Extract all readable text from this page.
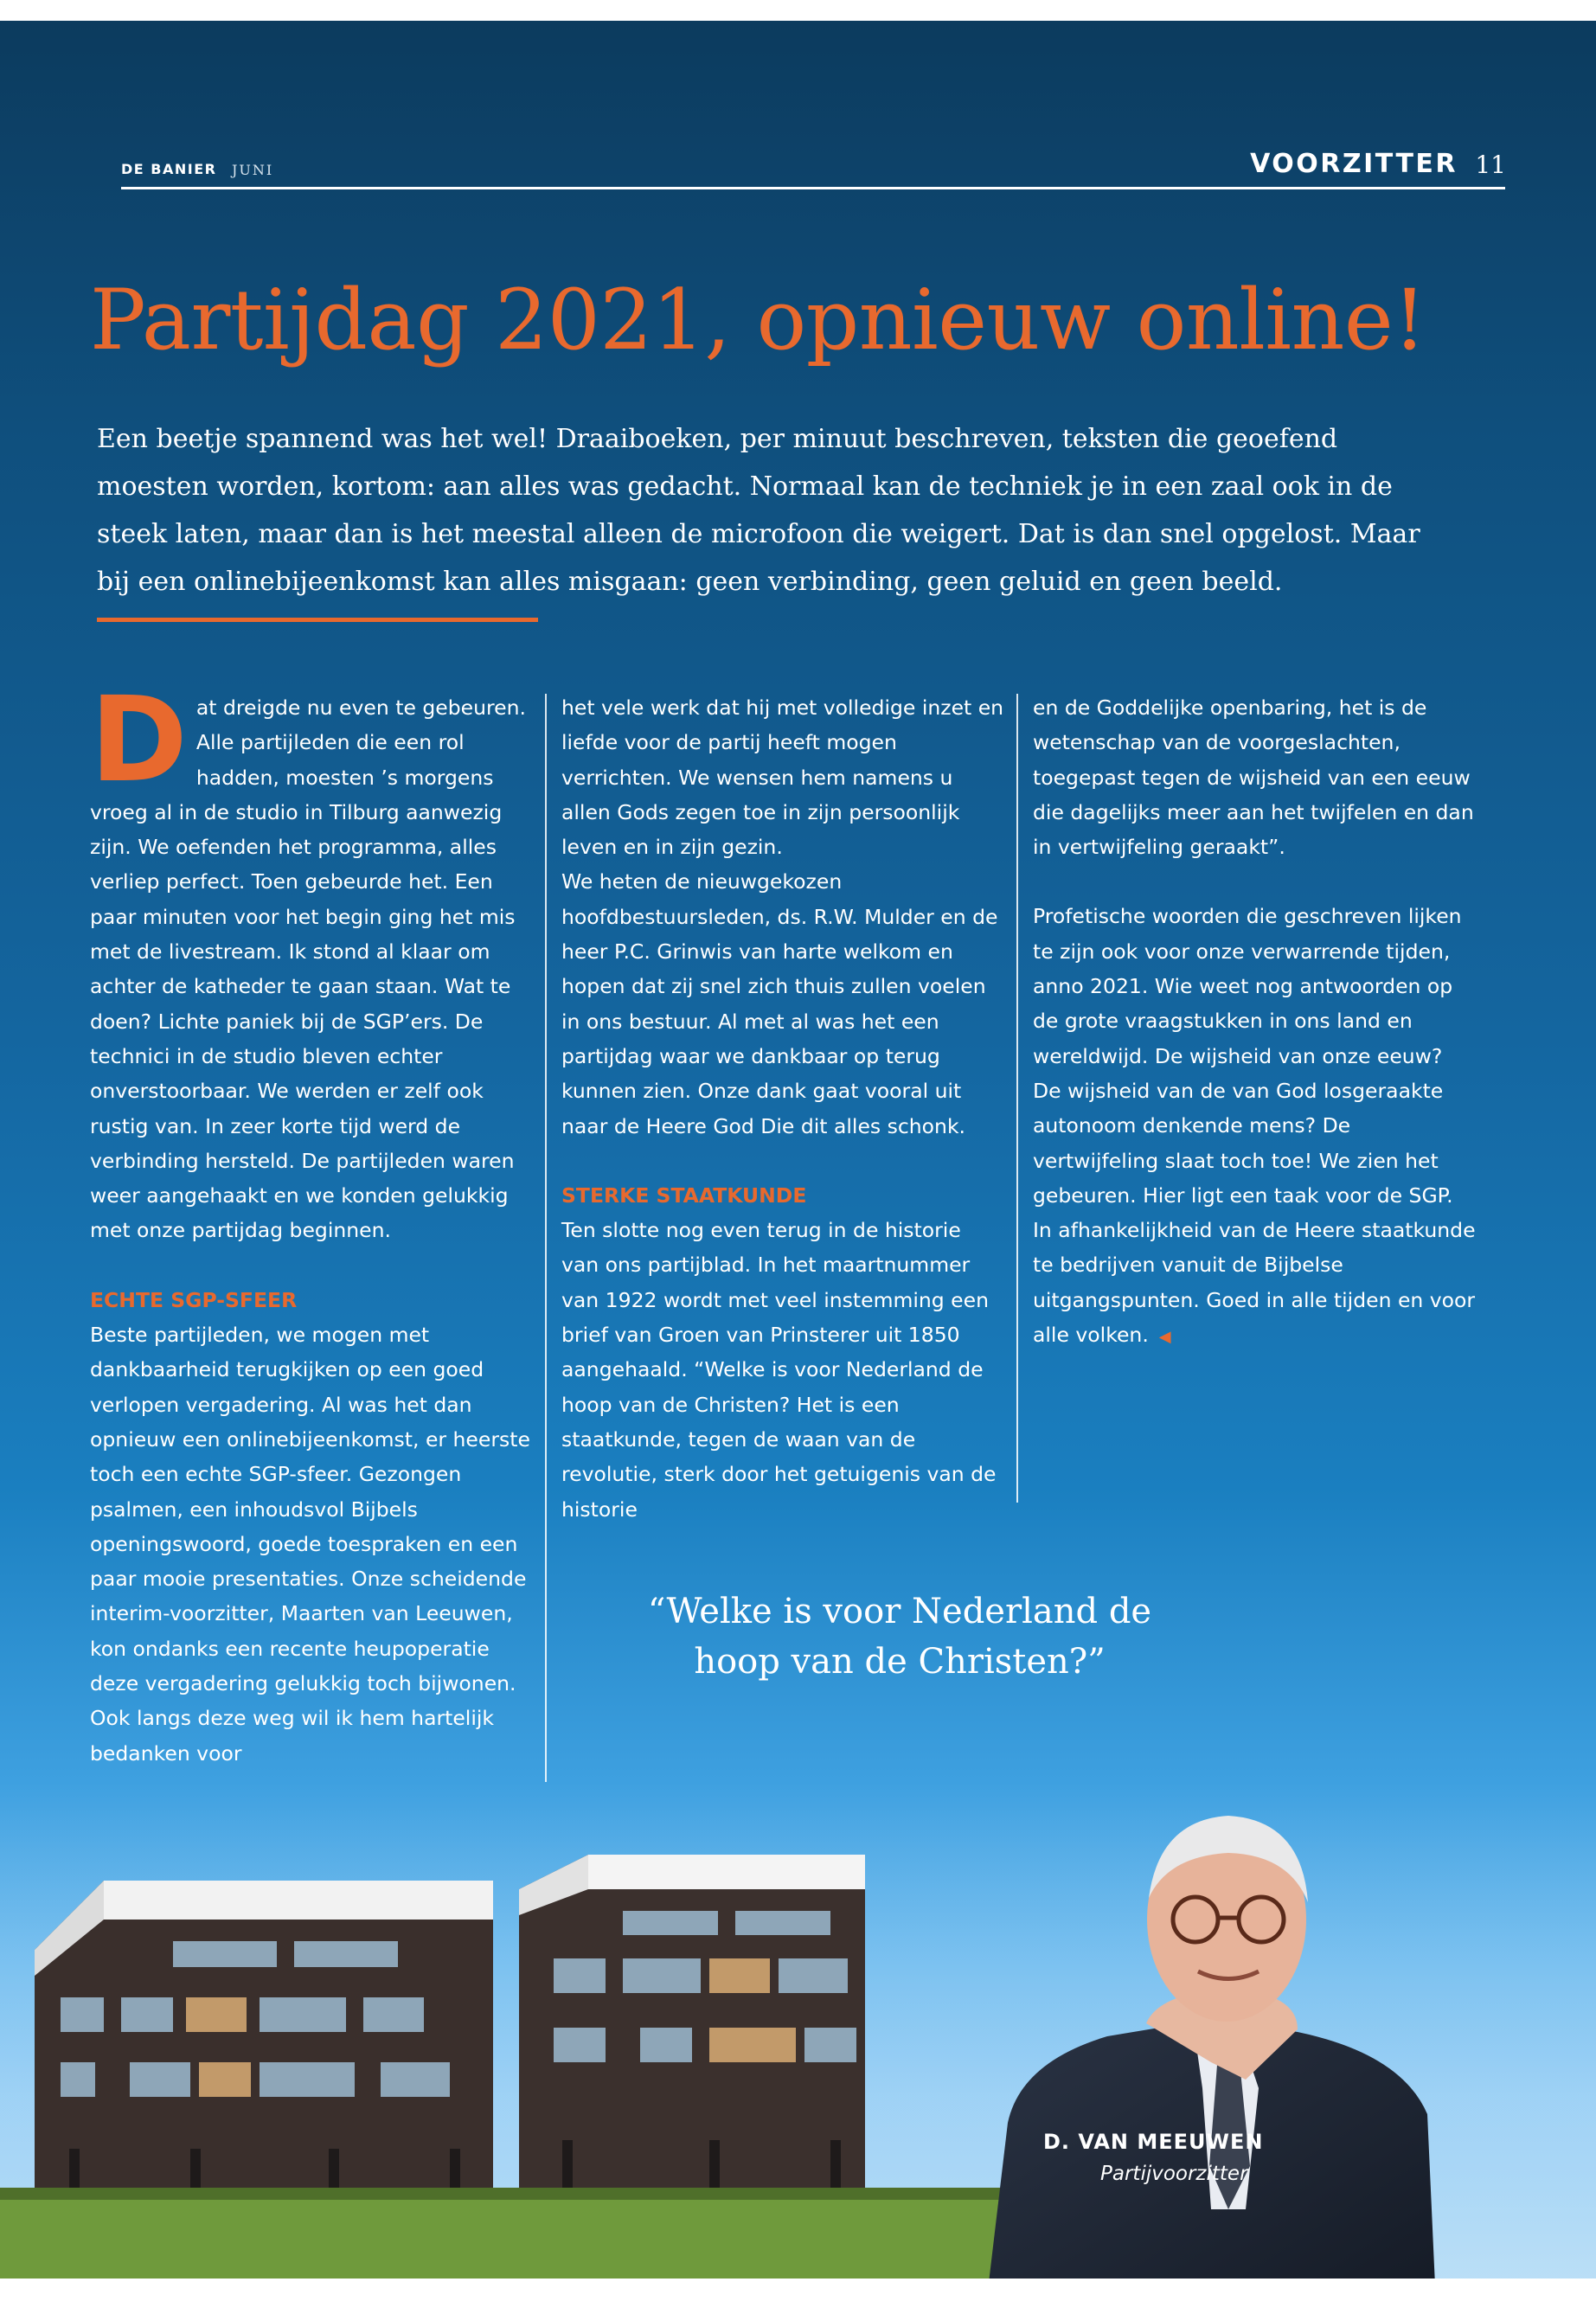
DE BANIER JUNI	VOORZITTER 11
Partijdag 2021, opnieuw online!
Een beetje spannend was het wel! Draaiboeken, per minuut beschreven, teksten die geoefend moesten worden, kortom: aan alles was gedacht. Normaal kan de techniek je in een zaal ook in de steek laten, maar dan is het meestal alleen de microfoon die weigert. Dat is dan snel opgelost. Maar bij een onlinebijeenkomst kan alles misgaan: geen verbinding, geen geluid en geen beeld.

Dat dreigde nu even te gebeuren. Alle partijleden die een rol hadden, moesten ’s morgens vroeg al in de studio in Tilburg aanwezig zijn. We oefenden het programma, alles verliep perfect. Toen gebeurde het. Een paar minuten voor het begin ging het mis met de livestream. Ik stond al klaar om achter de katheder te gaan staan. Wat te doen? Lichte paniek bij de SGP’ers. De technici in de studio bleven echter onverstoorbaar. We werden er zelf ook rustig van. In zeer korte tijd werd de verbinding hersteld. De partijleden waren weer aangehaakt en we konden gelukkig met onze partijdag beginnen.

ECHTE SGP-SFEER

Beste partijleden, we mogen met dankbaarheid terugkijken op een goed verlopen vergadering. Al was het dan opnieuw een onlinebijeenkomst, er heerste toch een echte SGP-sfeer. Gezongen psalmen, een inhoudsvol Bijbels openingswoord, goede toespraken en een paar mooie presentaties. Onze scheidende interim-voorzitter, Maarten van Leeuwen, kon ondanks een recente heupoperatie deze vergadering gelukkig toch bijwonen. Ook langs deze weg wil ik hem hartelijk bedanken voor

het vele werk dat hij met volledige inzet en liefde voor de partij heeft mogen verrichten. We wensen hem namens u allen Gods zegen toe in zijn persoonlijk leven en in zijn gezin.

We heten de nieuwgekozen hoofdbestuursleden, ds. R.W. Mulder en de heer P.C. Grinwis van harte welkom en hopen dat zij snel zich thuis zullen voelen in ons bestuur. Al met al was het een partijdag waar we dankbaar op terug kunnen zien. Onze dank gaat vooral uit naar de Heere God Die dit alles schonk.

STERKE STAATKUNDE

Ten slotte nog even terug in de historie van ons partijblad. In het maartnummer van 1922 wordt met veel instemming een brief van Groen van Prinsterer uit 1850 aangehaald. “Welke is voor Nederland de hoop van de Christen? Het is een staatkunde, tegen de waan van de revolutie, sterk door het getuigenis van de historie

en de Goddelijke openbaring, het is de wetenschap van de voorgeslachten, toegepast tegen de wijsheid van een eeuw die dagelijks meer aan het twijfelen en dan in vertwijfeling geraakt”.

Profetische woorden die geschreven lijken te zijn ook voor onze verwarrende tijden, anno 2021. Wie weet nog antwoorden op de grote vraagstukken in ons land en wereldwijd. De wijsheid van onze eeuw? De wijsheid van de van God losgeraakte autonoom denkende mens? De vertwijfeling slaat toch toe! We zien het gebeuren. Hier ligt een taak voor de SGP. In afhankelijkheid van de Heere staatkunde te bedrijven vanuit de Bijbelse uitgangspunten. Goed in alle tijden en voor alle volken. ◀

“Welke is voor Nederland de hoop van de Christen?”
D. VAN MEEUWEN
Partijvoorzitter
